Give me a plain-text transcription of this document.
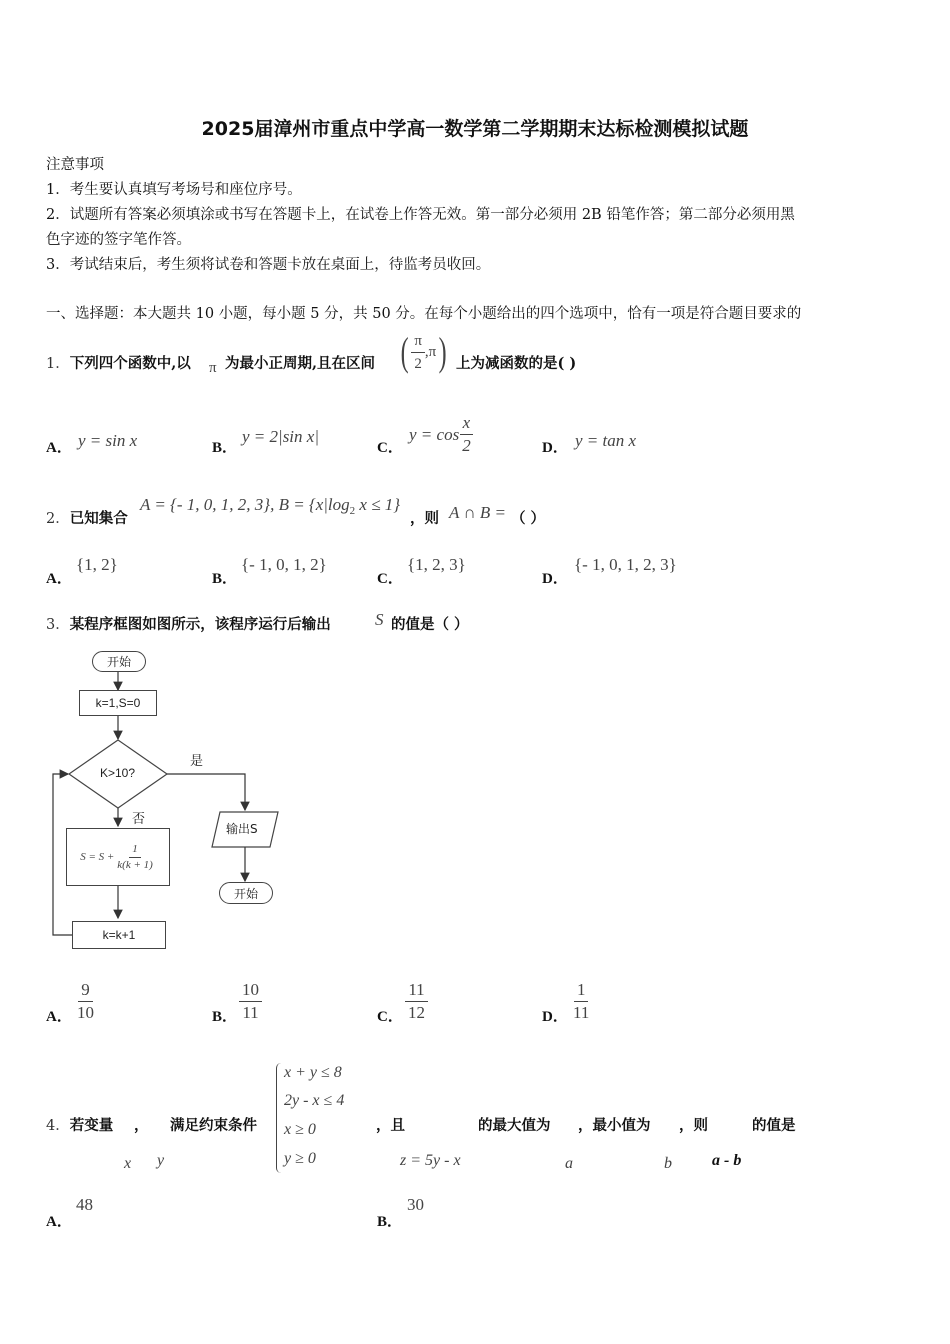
2025届漳州市重点中学高一数学第二学期期末达标检测模拟试题
注意事项
1．考生要认真填写考场号和座位序号。
2．试题所有答案必须填涂或书写在答题卡上，在试卷上作答无效。第一部分必须用 2B 铅笔作答；第二部分必须用黑
色字迹的签字笔作答。
3．考试结束后，考生须将试卷和答题卡放在桌面上，待监考员收回。
一、选择题：本大题共 10 小题，每小题 5 分，共 50 分。在每个小题给出的四个选项中，恰有一项是符合题目要求的
1．下列四个函数中,以 π 为最小正周期,且在区间 ( $\frac{\pi}{2} ,\pi$ ) 上为减函数的是( )
A． y = sin x	B．
y = 2|sin x|
C．
$y = \cos \frac{x}{2}$	D． y = tan x
2．已知集合
A = {- 1, 0, 1, 2, 3}, $B = \{x|\log_2$ x ≤ 1}
，则 A ∩ B = （ ）
A．
{1, 2}
B．
{- 1, 0, 1, 2}
C．
{1, 2, 3}
D．
{- 1, 0, 1, 2, 3}
3．某程序框图如图所示，该程序运行后输出	S 的值是（ ）
开始
k=1,S=0
K>10?
是
否
$S = S + \frac{1}{k(k + 1)}$
输出S
开始
k=k+1
A． $\frac{9}{10}$	B． $\frac{10}{11}$	C． $\frac{11}{12}$	D． $\frac{1}{11}$
4．若变量 ， 满足约束条件
x + y ≤ 8
2y - x ≤ 4
x ≥ 0
y ≥ 0
，且	的最大值为 ，最小值为 ，则	的值是
x y	z = 5y - x	a	b	a - b
A．
48
B．
30
